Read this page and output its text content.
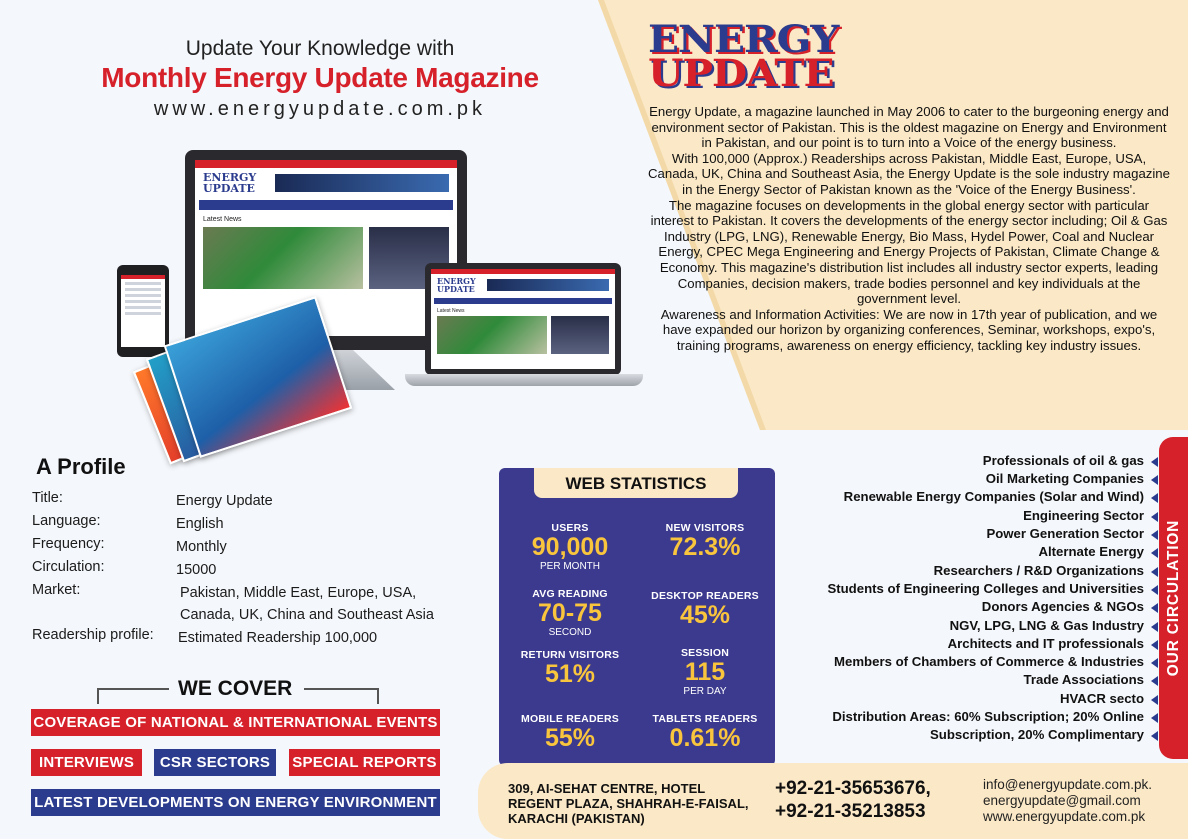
Update Your Knowledge with
Monthly Energy Update Magazine
www.energyupdate.com.pk
ENERGY
UPDATE

Energy Update, a magazine launched in May 2006 to cater to the burgeoning energy and environment sector of Pakistan. This is the oldest magazine on Energy and Environment in Pakistan, and our point is to turn into a Voice of the energy business.

With 100,000 (Approx.) Readerships across Pakistan, Middle East, Europe, USA, Canada, UK, China and Southeast Asia, the Energy Update is the sole industry magazine in the Energy Sector of Pakistan known as the 'Voice of the Energy Business'.

The magazine focuses on developments in the global energy sector with particular interest to Pakistan. It covers the developments of the energy sector including; Oil & Gas Industry (LPG, LNG), Renewable Energy, Bio Mass, Hydel Power, Coal and Nuclear Energy, CPEC Mega Engineering and Energy Projects of Pakistan, Climate Change & Economy. This magazine's distribution list includes all industry sector experts, leading Companies, decision makers, trade bodies personnel and key individuals at the government level.

Awareness and Information Activities: We are now in 17th year of publication, and we have expanded our horizon by organizing conferences, Seminar, workshops, expo's, training programs, awareness on energy efficiency, tackling key industry issues.

ENERGY UPDATE
Latest News
ENERGY UPDATE
Latest News
A Profile
Title:	Energy Update
Language:	English
Frequency:	Monthly
Circulation:	15000
Market:	Pakistan, Middle East, Europe, USA, Canada, UK, China and Southeast Asia
Readership profile:	Estimated Readership 100,000
WE COVER
COVERAGE OF NATIONAL & INTERNATIONAL EVENTS
INTERVIEWS	CSR SECTORS	SPECIAL REPORTS
LATEST DEVELOPMENTS ON ENERGY ENVIRONMENT
WEB STATISTICS
USERS
90,000
PER MONTH
NEW VISITORS
72.3%
AVG READING
70-75
SECOND
DESKTOP READERS
45%
RETURN VISITORS
51%
SESSION
115
PER DAY
MOBILE READERS
55%
TABLETS READERS
0.61%
Professionals of oil & gas
Oil Marketing Companies
Renewable Energy Companies (Solar and Wind)
Engineering Sector
Power Generation Sector
Alternate Energy
Researchers / R&D Organizations
Students of Engineering Colleges and Universities
Donors Agencies & NGOs
NGV, LPG, LNG & Gas Industry
Architects and IT professionals
Members of Chambers of Commerce & Industries
Trade Associations
HVACR secto
Distribution Areas: 60% Subscription; 20% Online
Subscription, 20% Complimentary
OUR CIRCULATION
309, AI-SEHAT CENTRE, HOTEL
REGENT PLAZA, SHAHRAH-E-FAISAL,
KARACHI (PAKISTAN)
+92-21-35653676,
+92-21-35213853
info@energyupdate.com.pk.
energyupdate@gmail.com
www.energyupdate.com.pk
